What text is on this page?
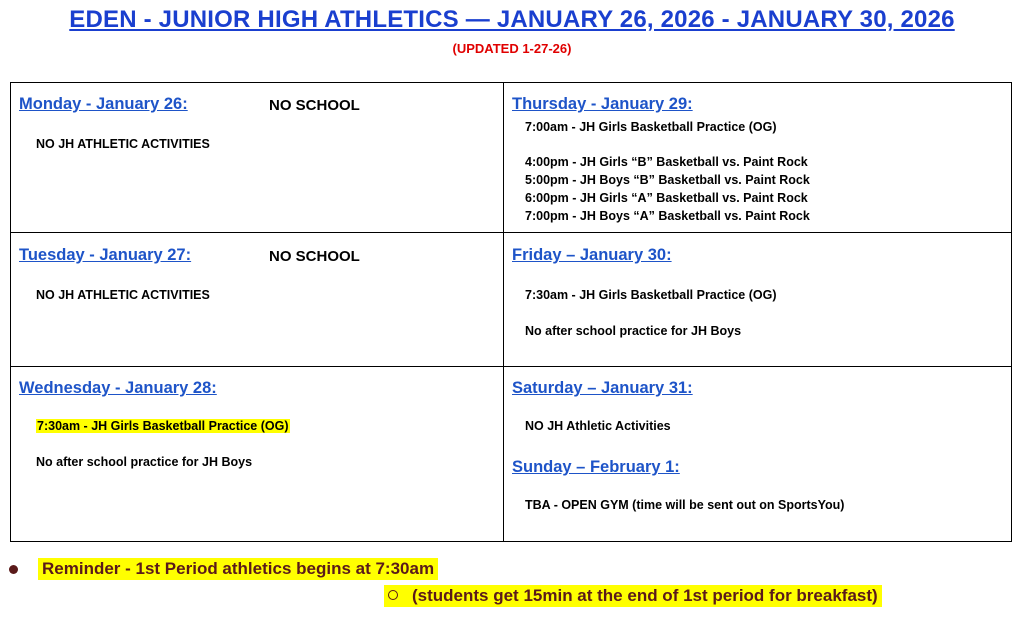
EDEN - JUNIOR HIGH ATHLETICS — JANUARY 26, 2026 - JANUARY 30, 2026
(UPDATED 1-27-26)
Monday - January 26:	NO SCHOOL
NO JH ATHLETIC ACTIVITIES
Thursday - January 29:
7:00am - JH Girls Basketball Practice (OG)
4:00pm - JH Girls “B” Basketball vs. Paint Rock
5:00pm - JH Boys “B” Basketball vs. Paint Rock
6:00pm - JH Girls “A” Basketball vs. Paint Rock
7:00pm - JH Boys “A” Basketball vs. Paint Rock
Tuesday - January 27:	NO SCHOOL
NO JH ATHLETIC ACTIVITIES
Friday – January 30:
7:30am - JH Girls Basketball Practice (OG)
No after school practice for JH Boys
Wednesday - January 28:
7:30am - JH Girls Basketball Practice (OG)
No after school practice for JH Boys
Saturday – January 31:
NO JH Athletic Activities
Sunday – February 1:
TBA - OPEN GYM (time will be sent out on SportsYou)
Reminder - 1st Period athletics begins at 7:30am
(students get 15min at the end of 1st period for breakfast)
